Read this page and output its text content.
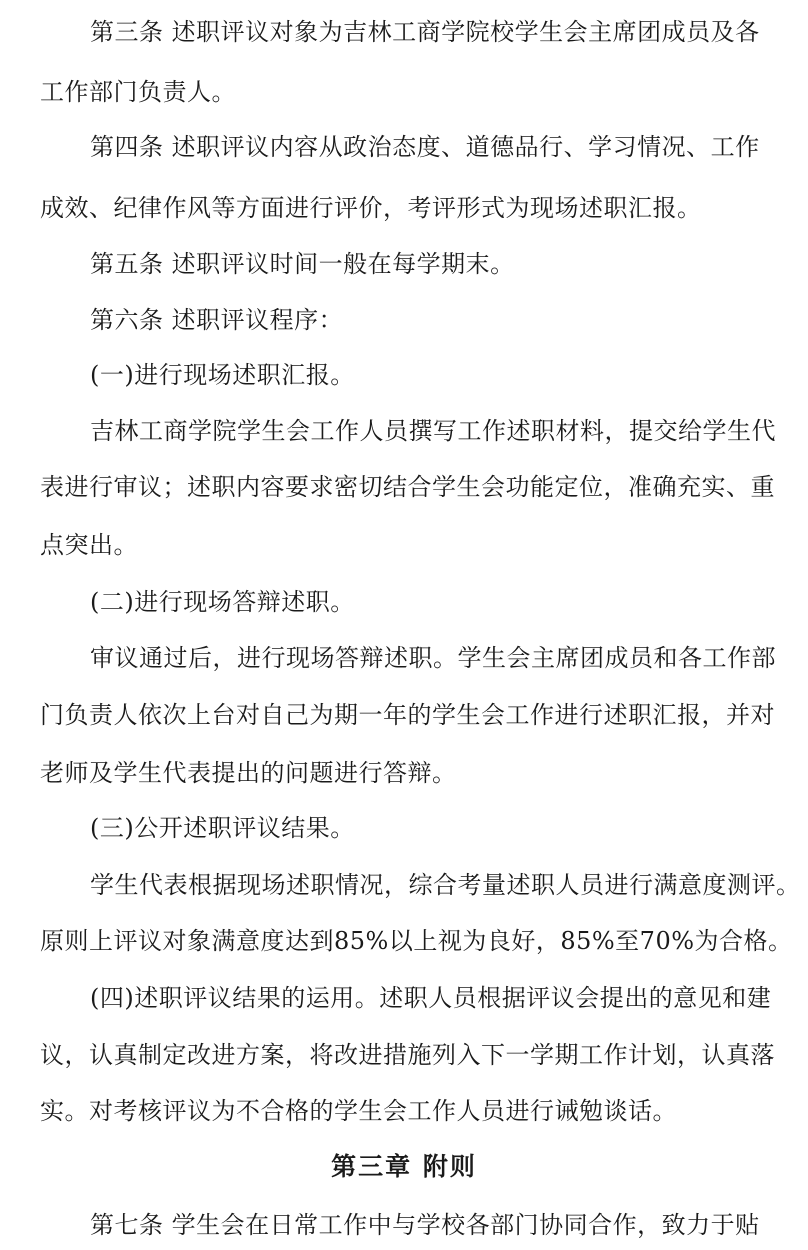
第三条 述职评议对象为吉林工商学院校学生会主席团成员及各
工作部门负责人。
第四条 述职评议内容从政治态度、道德品行、学习情况、工作
成效、纪律作风等方面进行评价，考评形式为现场述职汇报。
第五条 述职评议时间一般在每学期末。
第六条 述职评议程序：
(一)进行现场述职汇报。
吉林工商学院学生会工作人员撰写工作述职材料，提交给学生代
表进行审议；述职内容要求密切结合学生会功能定位，准确充实、重
点突出。
(二)进行现场答辩述职。
审议通过后，进行现场答辩述职。学生会主席团成员和各工作部
门负责人依次上台对自己为期一年的学生会工作进行述职汇报，并对
老师及学生代表提出的问题进行答辩。
(三)公开述职评议结果。
学生代表根据现场述职情况，综合考量述职人员进行满意度测评。
原则上评议对象满意度达到85%以上视为良好，85%至70%为合格。
(四)述职评议结果的运用。述职人员根据评议会提出的意见和建
议，认真制定改进方案，将改进措施列入下一学期工作计划，认真落
实。对考核评议为不合格的学生会工作人员进行诫勉谈话。
第三章 附则
第七条 学生会在日常工作中与学校各部门协同合作，致力于贴
